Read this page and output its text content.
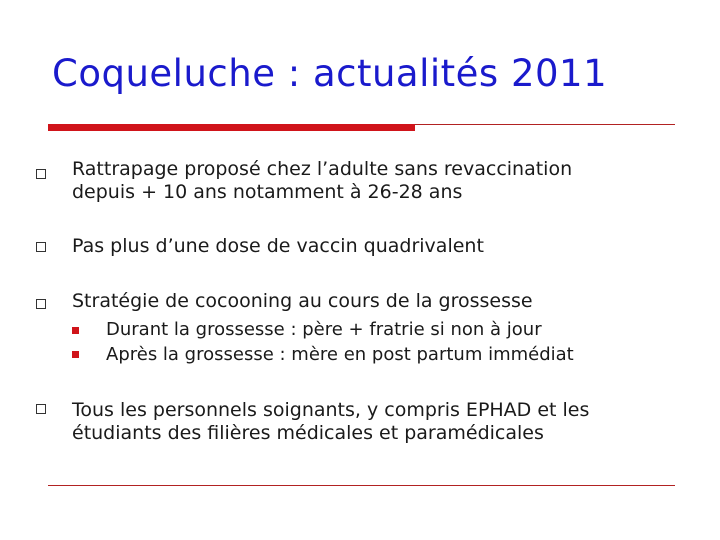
Coqueluche : actualités 2011
Rattrapage proposé chez l’adulte sans revaccination
depuis + 10 ans notamment à 26-28 ans
Pas plus d’une dose de vaccin quadrivalent
Stratégie de cocooning au cours de la grossesse
Durant la grossesse : père + fratrie si non à jour
Après la grossesse : mère en post partum immédiat
Tous les personnels soignants, y compris EPHAD et les
étudiants des filières médicales et paramédicales
